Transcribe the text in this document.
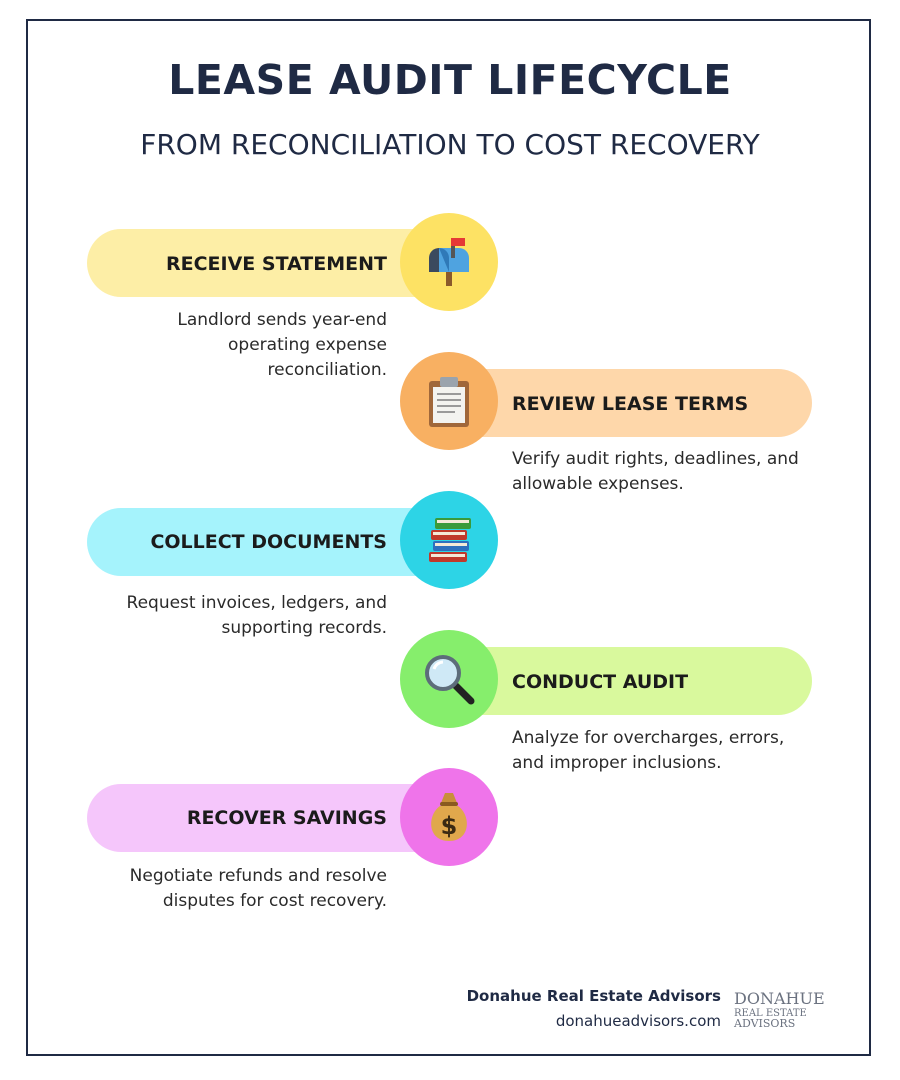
LEASE AUDIT LIFECYCLE
FROM RECONCILIATION TO COST RECOVERY
RECEIVE STATEMENT
Landlord sends year-end operating expense reconciliation.
REVIEW LEASE TERMS
Verify audit rights, deadlines, and allowable expenses.
COLLECT DOCUMENTS
Request invoices, ledgers, and supporting records.
CONDUCT AUDIT
Analyze for overcharges, errors, and improper inclusions.
RECOVER SAVINGS $
Negotiate refunds and resolve disputes for cost recovery.
Donahue Real Estate Advisors
donahueadvisors.com
DONAHUE
REAL ESTATE
ADVISORS
